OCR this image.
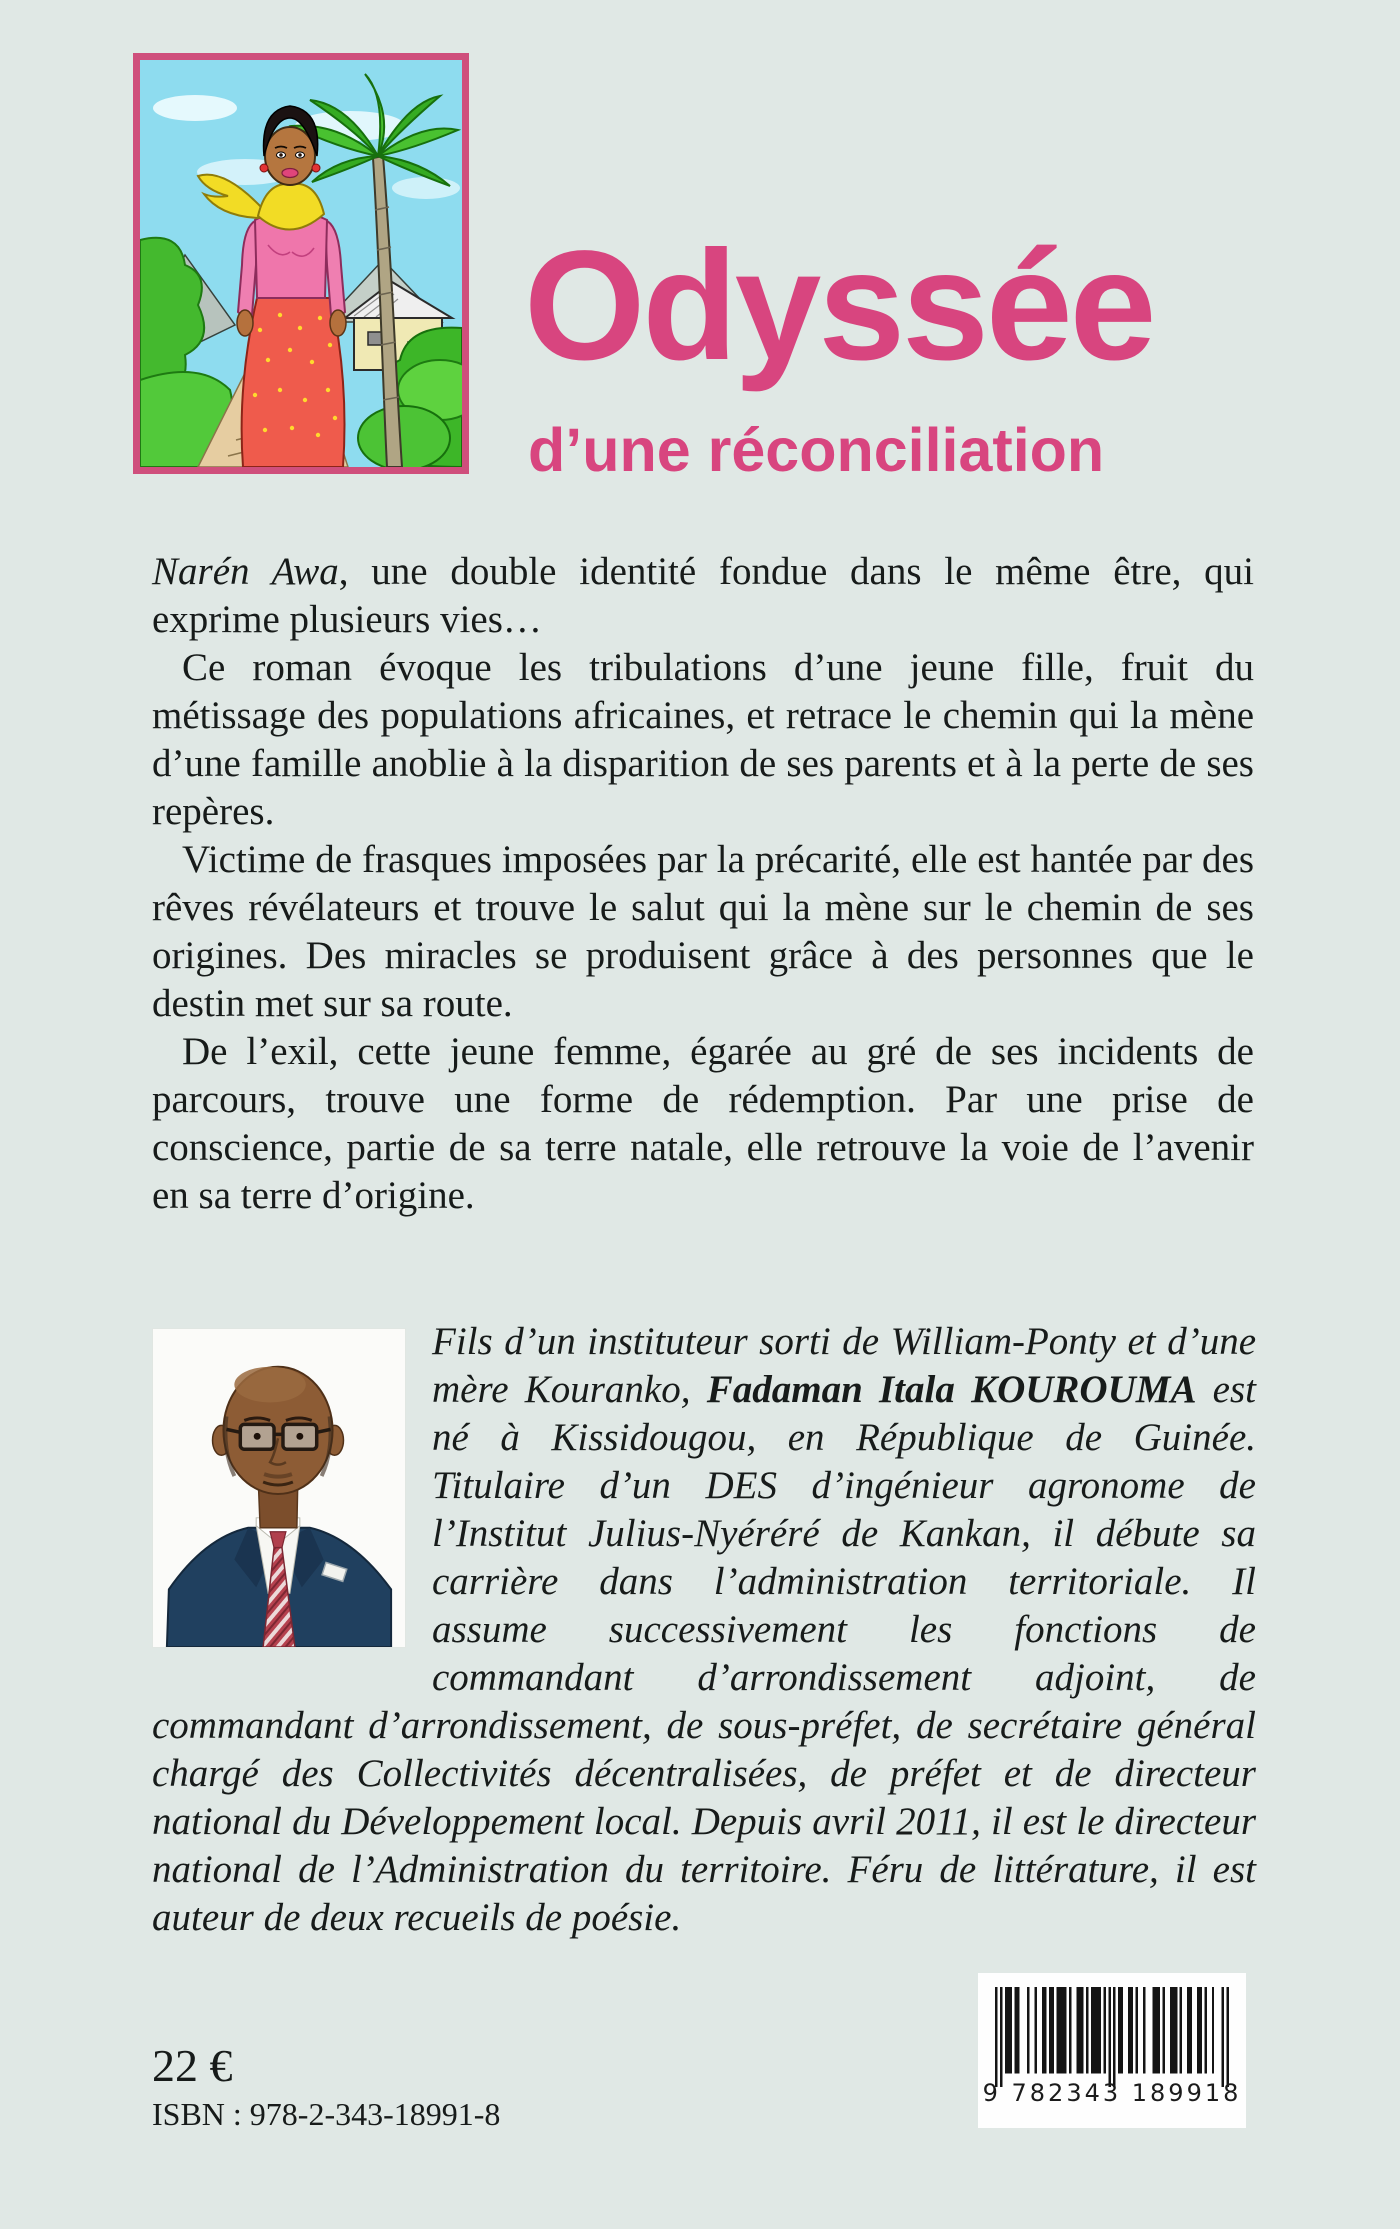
Odyssée
d’une réconciliation

Narén Awa, une double identité fondue dans le même être, qui exprime plusieurs vies…

Ce roman évoque les tribulations d’une jeune fille, fruit du métissage des populations africaines, et retrace le chemin qui la mène d’une famille anoblie à la disparition de ses parents et à la perte de ses repères.

Victime de frasques imposées par la précarité, elle est hantée par des rêves révélateurs et trouve le salut qui la mène sur le chemin de ses origines. Des miracles se produisent grâce à des personnes que le destin met sur sa route.

De l’exil, cette jeune femme, égarée au gré de ses incidents de parcours, trouve une forme de rédemption. Par une prise de conscience, partie de sa terre natale, elle retrouve la voie de l’avenir en sa terre d’origine.

Fils d’un instituteur sorti de William-Ponty et d’une mère Kouranko, Fadaman Itala KOUROUMA est né à Kissidougou, en République de Guinée. Titulaire d’un DES d’ingénieur agronome de l’Institut Julius-Nyéréré de Kankan, il débute sa carrière dans l’administration territoriale. Il assume successivement les fonctions de commandant d’arrondissement adjoint, de commandant d’arrondissement, de sous-préfet, de secrétaire général chargé des Collectivités décentralisées, de préfet et de directeur national du Développement local. Depuis avril 2011, il est le directeur national de l’Administration du territoire. Féru de littérature, il est auteur de deux recueils de poésie.

22 €
ISBN : 978-2-343-18991-8
9 782343 189918
